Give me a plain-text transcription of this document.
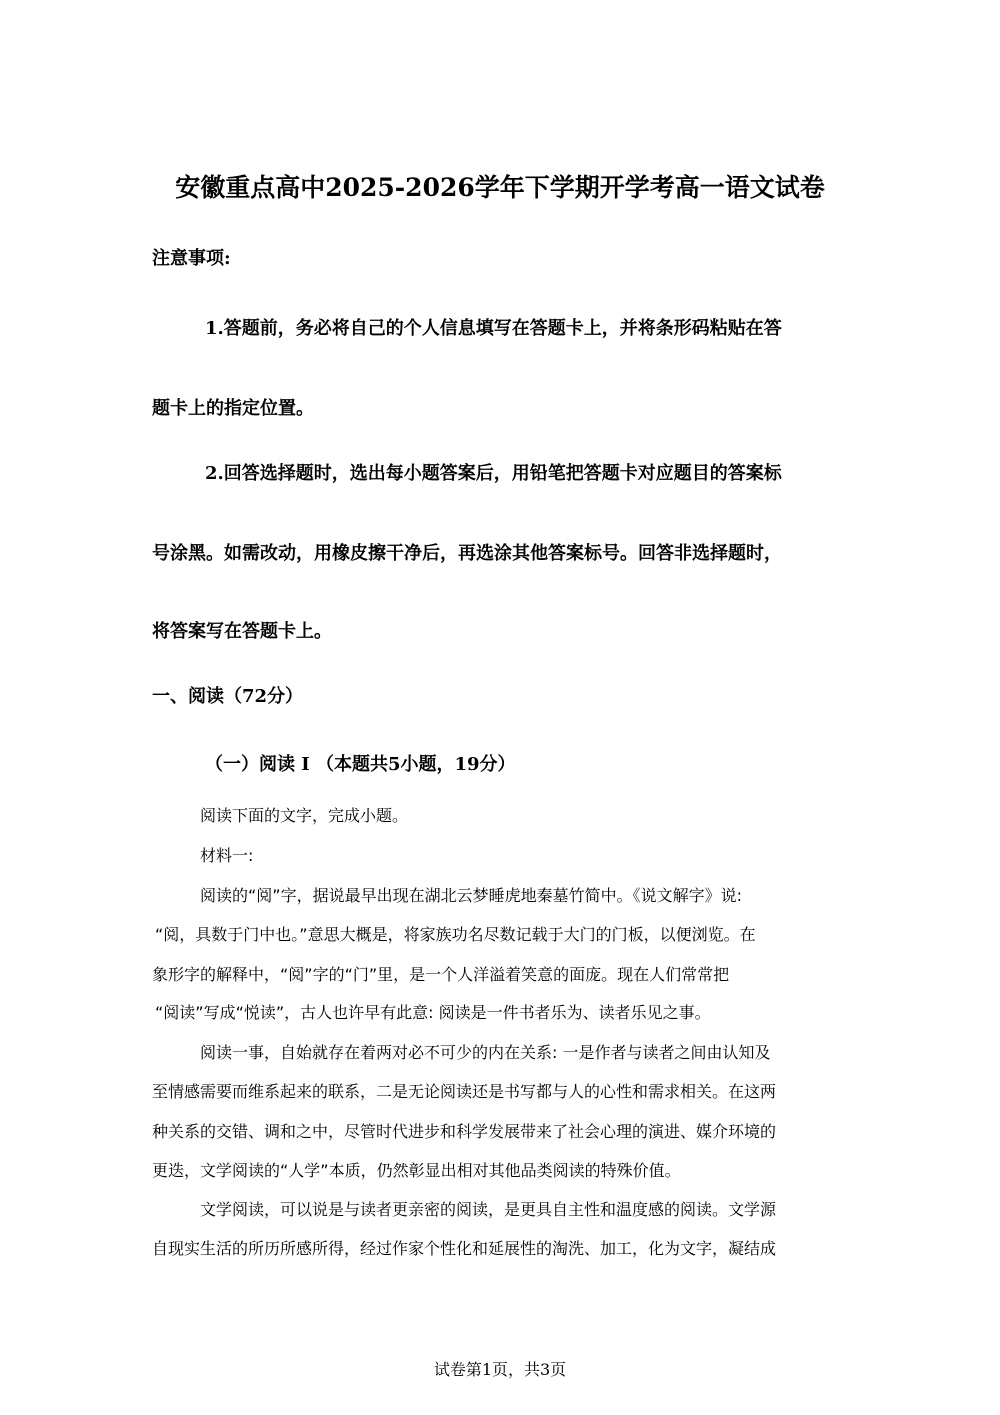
安徽重点高中2025-2026学年下学期开学考高一语文试卷
注意事项:
1.答题前，务必将自己的个人信息填写在答题卡上，并将条形码粘贴在答
题卡上的指定位置。
2.回答选择题时，选出每小题答案后，用铅笔把答题卡对应题目的答案标
号涂黑。如需改动，用橡皮擦干净后，再选涂其他答案标号。回答非选择题时，
将答案写在答题卡上。
一、阅读（72分）
（一）阅读 I （本题共5小题，19分）
阅读下面的文字，完成小题。
材料一:
阅读的“阅”字，据说最早出现在湖北云梦睡虎地秦墓竹简中。《说文解字》说:
“阅，具数于门中也。”意思大概是，将家族功名尽数记载于大门的门板，以便浏览。在
象形字的解释中，“阅”字的“门”里，是一个人洋溢着笑意的面庞。现在人们常常把
“阅读”写成“悦读”，古人也许早有此意: 阅读是一件书者乐为、读者乐见之事。
阅读一事，自始就存在着两对必不可少的内在关系: 一是作者与读者之间由认知及
至情感需要而维系起来的联系，二是无论阅读还是书写都与人的心性和需求相关。在这两
种关系的交错、调和之中，尽管时代进步和科学发展带来了社会心理的演进、媒介环境的
更迭，文学阅读的“人学”本质，仍然彰显出相对其他品类阅读的特殊价值。
文学阅读，可以说是与读者更亲密的阅读，是更具自主性和温度感的阅读。文学源
自现实生活的所历所感所得，经过作家个性化和延展性的淘洗、加工，化为文字，凝结成
试卷第1页，共3页
